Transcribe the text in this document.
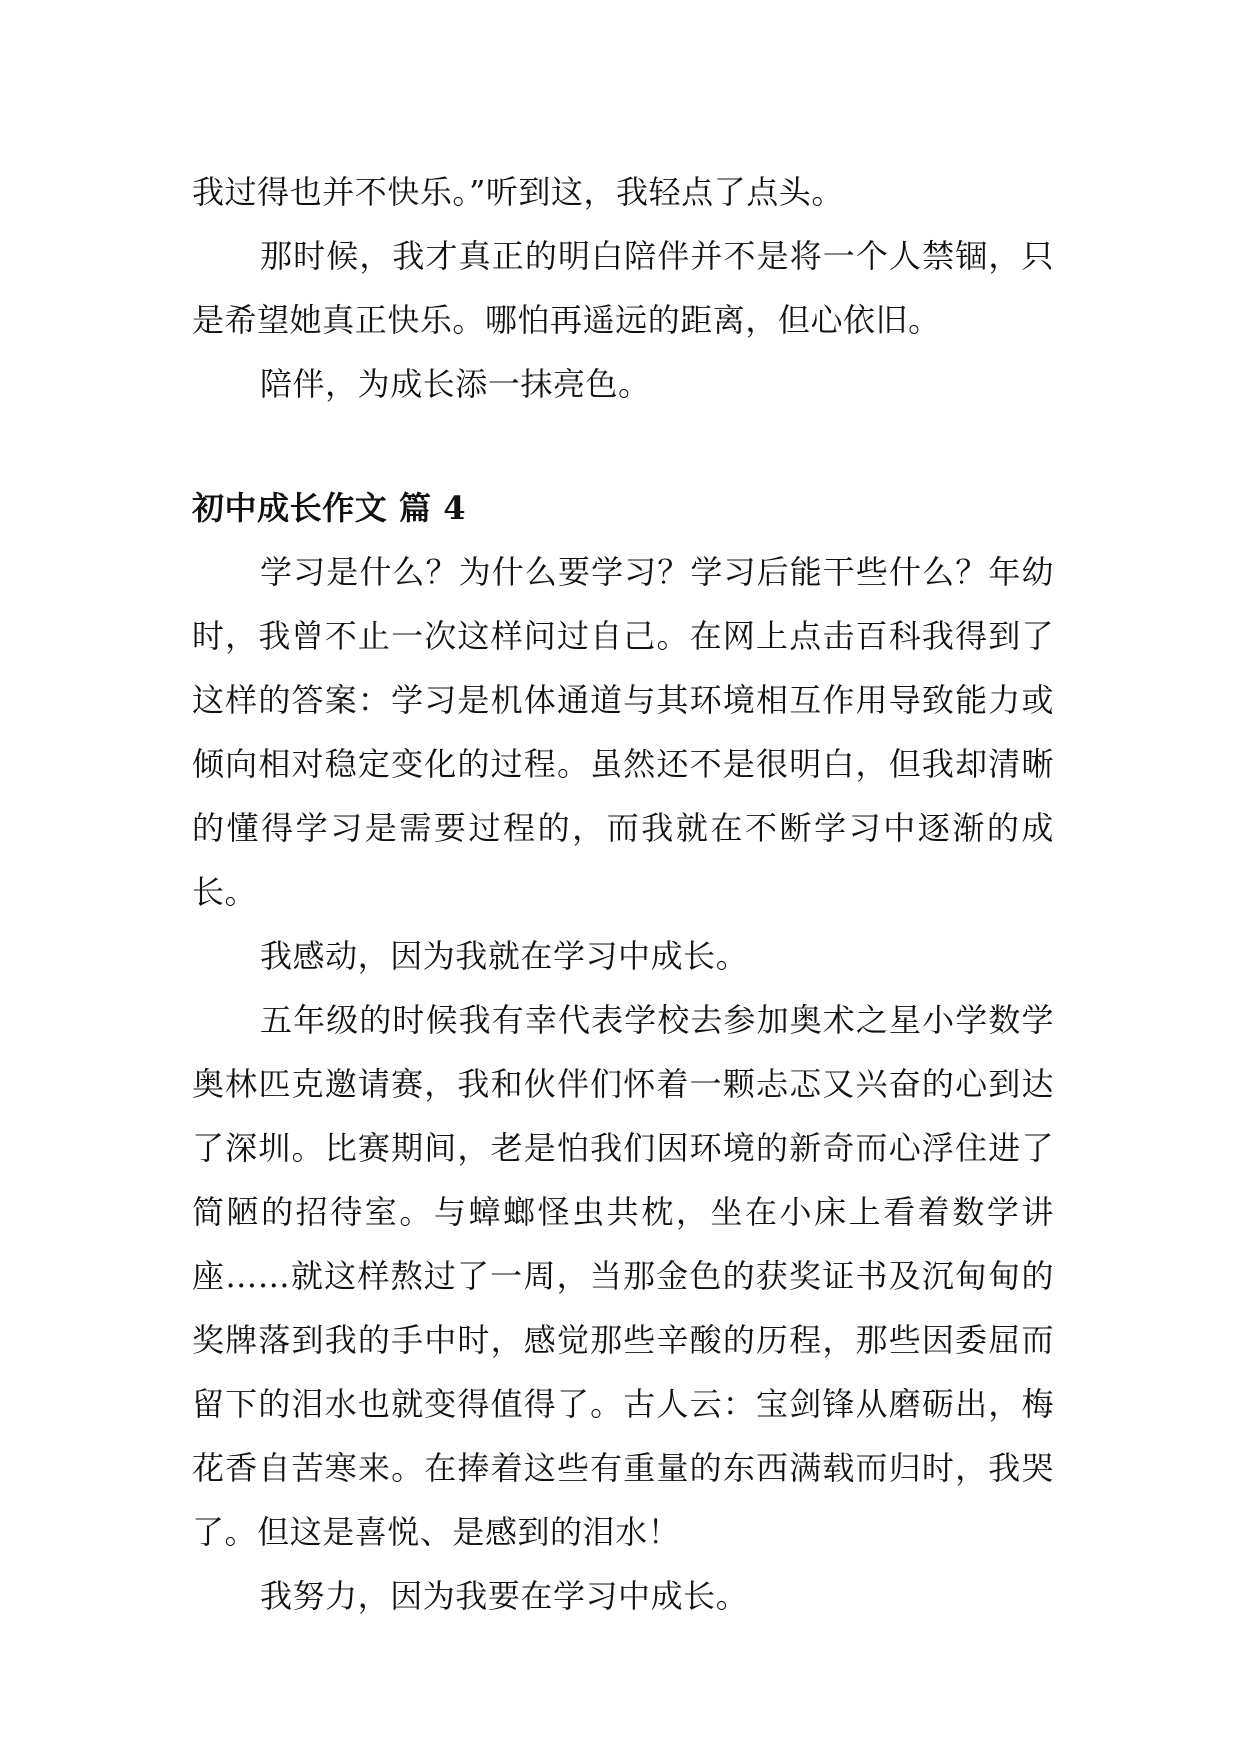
我过得也并不快乐。”听到这，我轻点了点头。

那时候，我才真正的明白陪伴并不是将一个人禁锢，只是希望她真正快乐。哪怕再遥远的距离，但心依旧。

陪伴，为成长添一抹亮色。

初中成长作文 篇 4

学习是什么？为什么要学习？学习后能干些什么？年幼时，我曾不止一次这样问过自己。在网上点击百科我得到了这样的答案：学习是机体通道与其环境相互作用导致能力或倾向相对稳定变化的过程。虽然还不是很明白，但我却清晰的懂得学习是需要过程的，而我就在不断学习中逐渐的成长。

我感动，因为我就在学习中成长。

五年级的时候我有幸代表学校去参加奥术之星小学数学奥林匹克邀请赛，我和伙伴们怀着一颗忐忑又兴奋的心到达了深圳。比赛期间，老是怕我们因环境的新奇而心浮住进了简陋的招待室。与蟑螂怪虫共枕，坐在小床上看着数学讲座……就这样熬过了一周，当那金色的获奖证书及沉甸甸的奖牌落到我的手中时，感觉那些辛酸的历程，那些因委屈而留下的泪水也就变得值得了。古人云：宝剑锋从磨砺出，梅花香自苦寒来。在捧着这些有重量的东西满载而归时，我哭了。但这是喜悦、是感到的泪水！

我努力，因为我要在学习中成长。
